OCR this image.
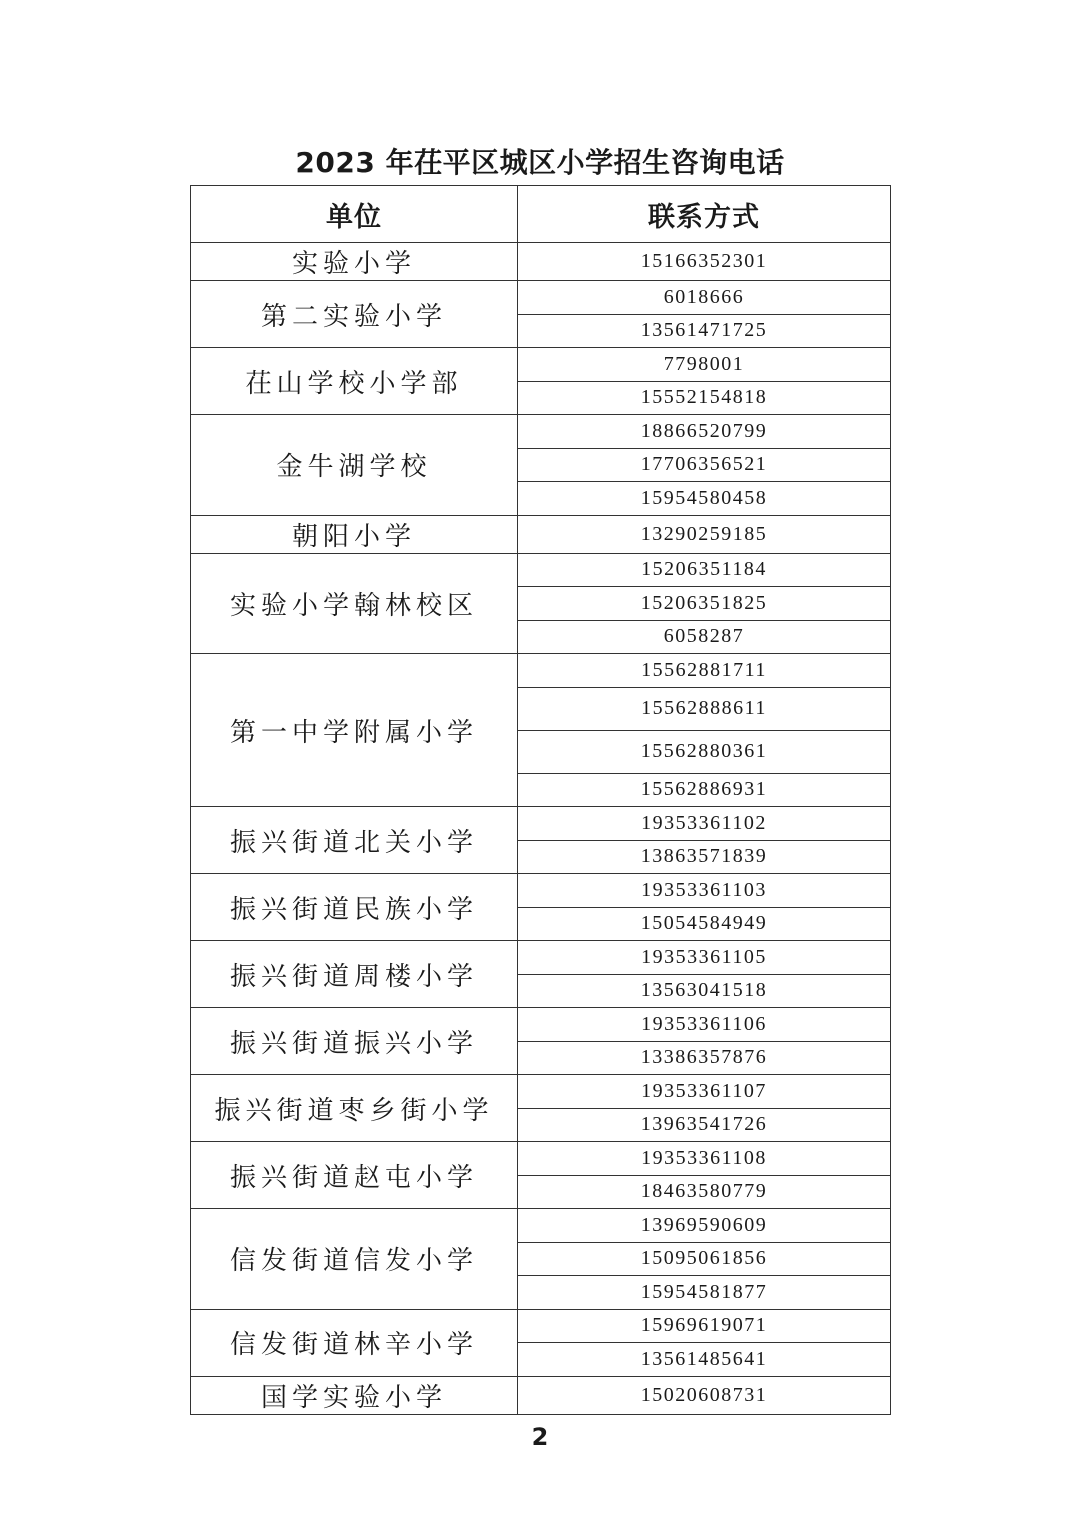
2023 年茌平区城区小学招生咨询电话
单位	联系方式
实验小学	15166352301
第二实验小学	6018666
	13561471725
茌山学校小学部	7798001
	15552154818
金牛湖学校	18866520799
	17706356521
	15954580458
朝阳小学	13290259185
实验小学翰林校区	15206351184
	15206351825
	6058287
第一中学附属小学	15562881711
	15562888611
	15562880361
	15562886931
振兴街道北关小学	19353361102
	13863571839
振兴街道民族小学	19353361103
	15054584949
振兴街道周楼小学	19353361105
	13563041518
振兴街道振兴小学	19353361106
	13386357876
振兴街道枣乡街小学	19353361107
	13963541726
振兴街道赵屯小学	19353361108
	18463580779
信发街道信发小学	13969590609
	15095061856
	15954581877
信发街道林辛小学	15969619071
	13561485641
国学实验小学	15020608731
2
